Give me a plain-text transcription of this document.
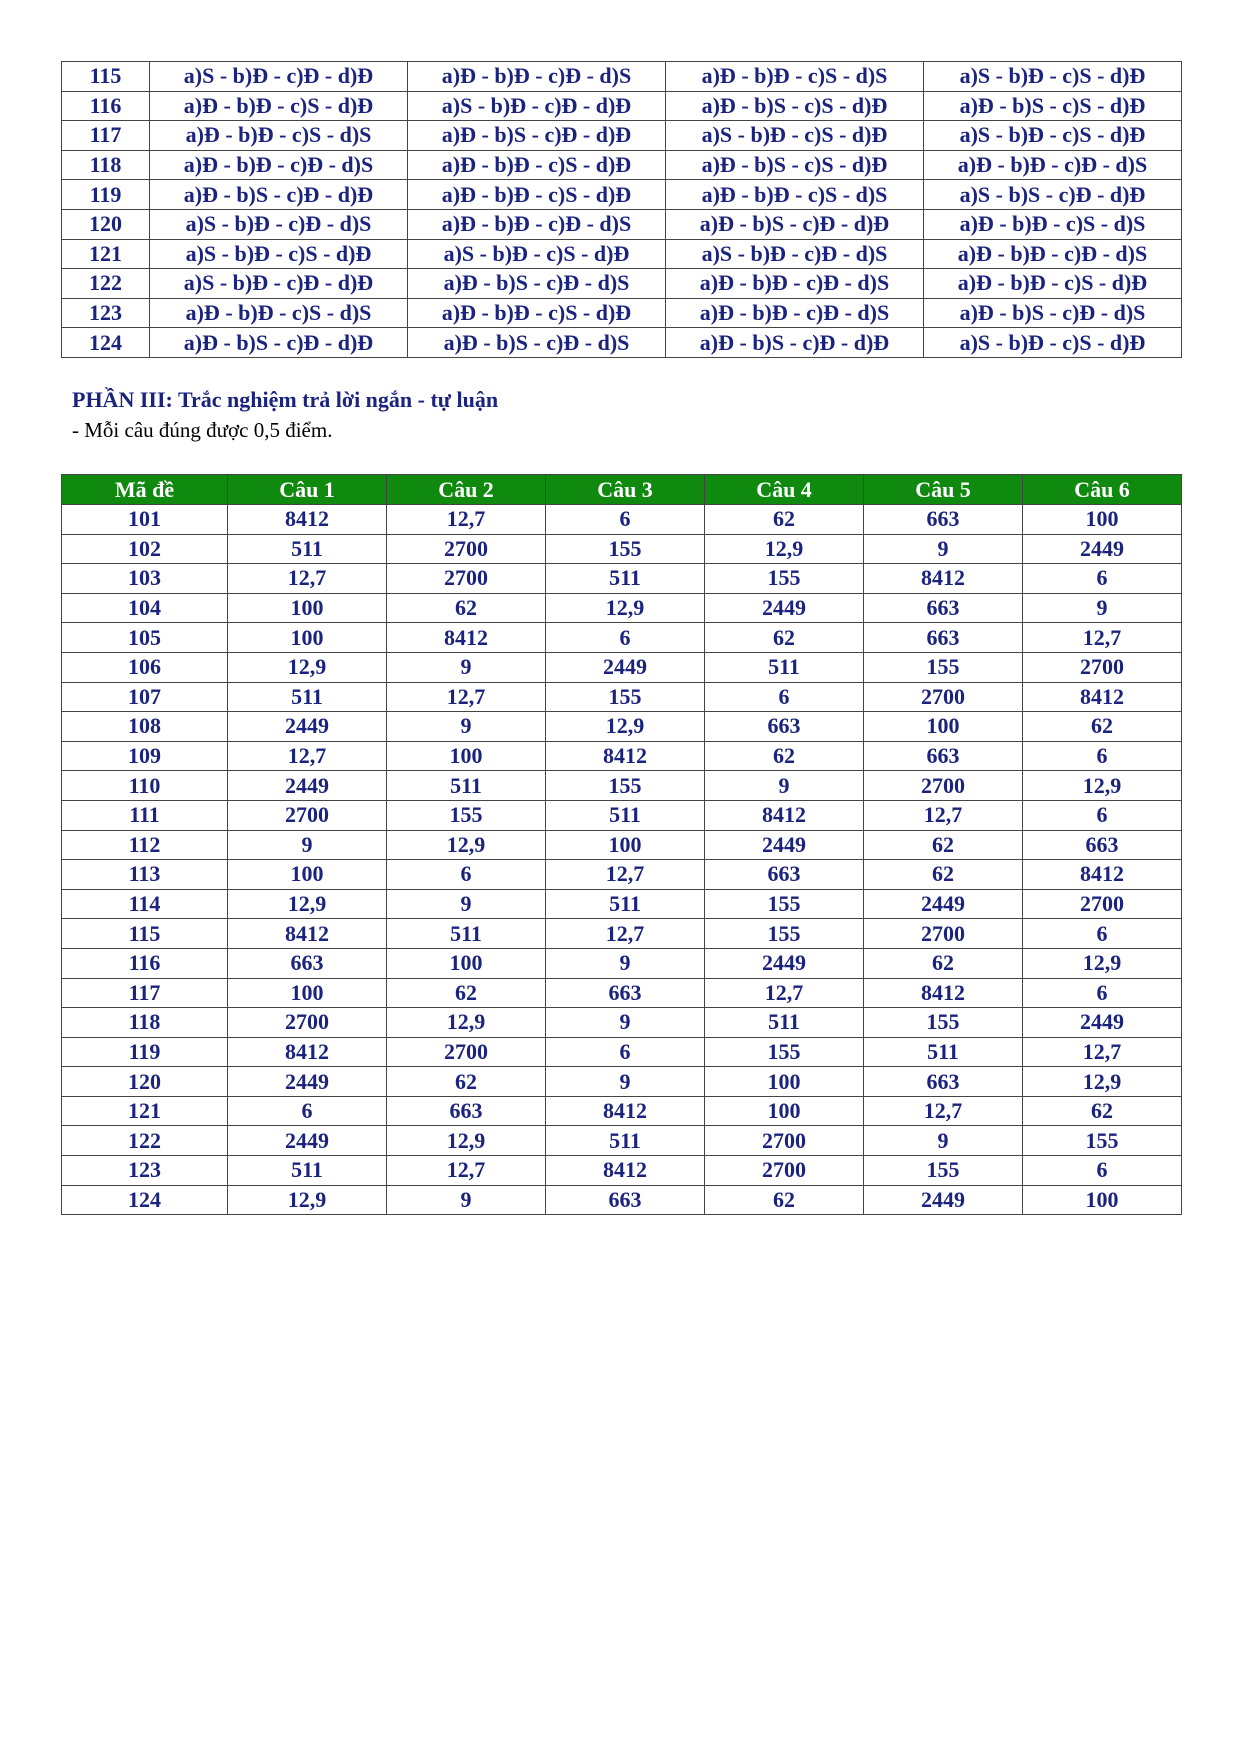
115	a)S - b)Đ - c)Đ - d)Đ	a)Đ - b)Đ - c)Đ - d)S	a)Đ - b)Đ - c)S - d)S	a)S - b)Đ - c)S - d)Đ
116	a)Đ - b)Đ - c)S - d)Đ	a)S - b)Đ - c)Đ - d)Đ	a)Đ - b)S - c)S - d)Đ	a)Đ - b)S - c)S - d)Đ
117	a)Đ - b)Đ - c)S - d)S	a)Đ - b)S - c)Đ - d)Đ	a)S - b)Đ - c)S - d)Đ	a)S - b)Đ - c)S - d)Đ
118	a)Đ - b)Đ - c)Đ - d)S	a)Đ - b)Đ - c)S - d)Đ	a)Đ - b)S - c)S - d)Đ	a)Đ - b)Đ - c)Đ - d)S
119	a)Đ - b)S - c)Đ - d)Đ	a)Đ - b)Đ - c)S - d)Đ	a)Đ - b)Đ - c)S - d)S	a)S - b)S - c)Đ - d)Đ
120	a)S - b)Đ - c)Đ - d)S	a)Đ - b)Đ - c)Đ - d)S	a)Đ - b)S - c)Đ - d)Đ	a)Đ - b)Đ - c)S - d)S
121	a)S - b)Đ - c)S - d)Đ	a)S - b)Đ - c)S - d)Đ	a)S - b)Đ - c)Đ - d)S	a)Đ - b)Đ - c)Đ - d)S
122	a)S - b)Đ - c)Đ - d)Đ	a)Đ - b)S - c)Đ - d)S	a)Đ - b)Đ - c)Đ - d)S	a)Đ - b)Đ - c)S - d)Đ
123	a)Đ - b)Đ - c)S - d)S	a)Đ - b)Đ - c)S - d)Đ	a)Đ - b)Đ - c)Đ - d)S	a)Đ - b)S - c)Đ - d)S
124	a)Đ - b)S - c)Đ - d)Đ	a)Đ - b)S - c)Đ - d)S	a)Đ - b)S - c)Đ - d)Đ	a)S - b)Đ - c)S - d)Đ
PHẦN III: Trắc nghiệm trả lời ngắn - tự luận
- Mỗi câu đúng được 0,5 điểm.
Mã đề	Câu 1	Câu 2	Câu 3	Câu 4	Câu 5	Câu 6
101	8412	12,7	6	62	663	100
102	511	2700	155	12,9	9	2449
103	12,7	2700	511	155	8412	6
104	100	62	12,9	2449	663	9
105	100	8412	6	62	663	12,7
106	12,9	9	2449	511	155	2700
107	511	12,7	155	6	2700	8412
108	2449	9	12,9	663	100	62
109	12,7	100	8412	62	663	6
110	2449	511	155	9	2700	12,9
111	2700	155	511	8412	12,7	6
112	9	12,9	100	2449	62	663
113	100	6	12,7	663	62	8412
114	12,9	9	511	155	2449	2700
115	8412	511	12,7	155	2700	6
116	663	100	9	2449	62	12,9
117	100	62	663	12,7	8412	6
118	2700	12,9	9	511	155	2449
119	8412	2700	6	155	511	12,7
120	2449	62	9	100	663	12,9
121	6	663	8412	100	12,7	62
122	2449	12,9	511	2700	9	155
123	511	12,7	8412	2700	155	6
124	12,9	9	663	62	2449	100
